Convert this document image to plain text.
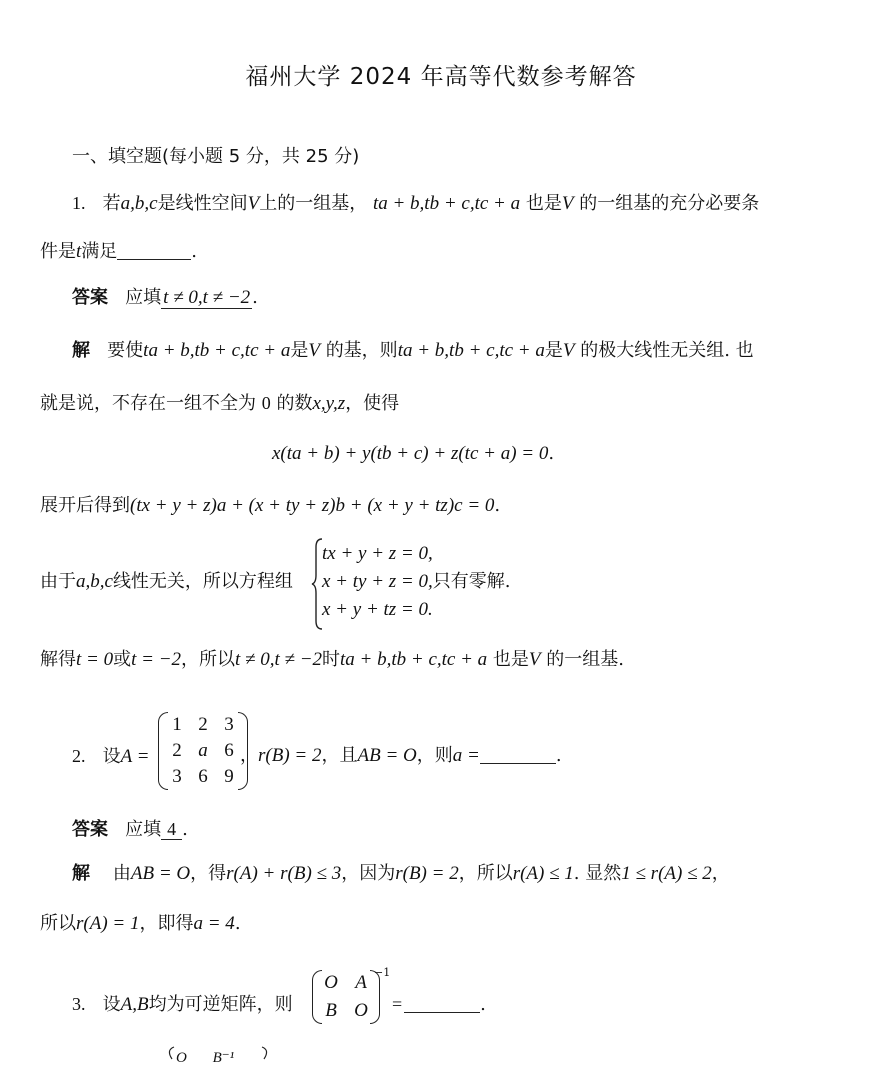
福州大学 2024 年高等代数参考解答
一、填空题(每小题 5 分，共 25 分)
1. 若a,b,c是线性空间V上的一组基， ta + b,tb + c,tc + a 也是V 的一组基的充分必要条
件是t满足	.
答案 应填 t ≠ 0,t ≠ −2 .
解 要使ta + b,tb + c,tc + a是V 的基，则ta + b,tb + c,tc + a是V 的极大线性无关组. 也
就是说，不存在一组不全为 0 的数x,y,z，使得
x(ta + b) + y(tb + c) + z(tc + a) = 0.
展开后得到(tx + y + z)a + (x + ty + z)b + (x + y + tz)c = 0.
由于a,b,c线性无关，所以方程组
tx + y + z = 0,
x + ty + z = 0,只有零解.
x + y + tz = 0.
解得t = 0或t = −2，所以t ≠ 0,t ≠ −2时ta + b,tb + c,tc + a 也是V 的一组基.
2. 设A =
1 2 3
2 a 6
3 6 9
，r(B) = 2，且AB = O，则a =	.
答案 应填 4 .
解 由AB = O，得r(A) + r(B) ≤ 3，因为r(B) = 2，所以r(A) ≤ 1. 显然1 ≤ r(A) ≤ 2，
所以r(A) = 1，即得a = 4.
3. 设A,B均为可逆矩阵，则
O A
B O
−1
=	.
O B⁻¹
